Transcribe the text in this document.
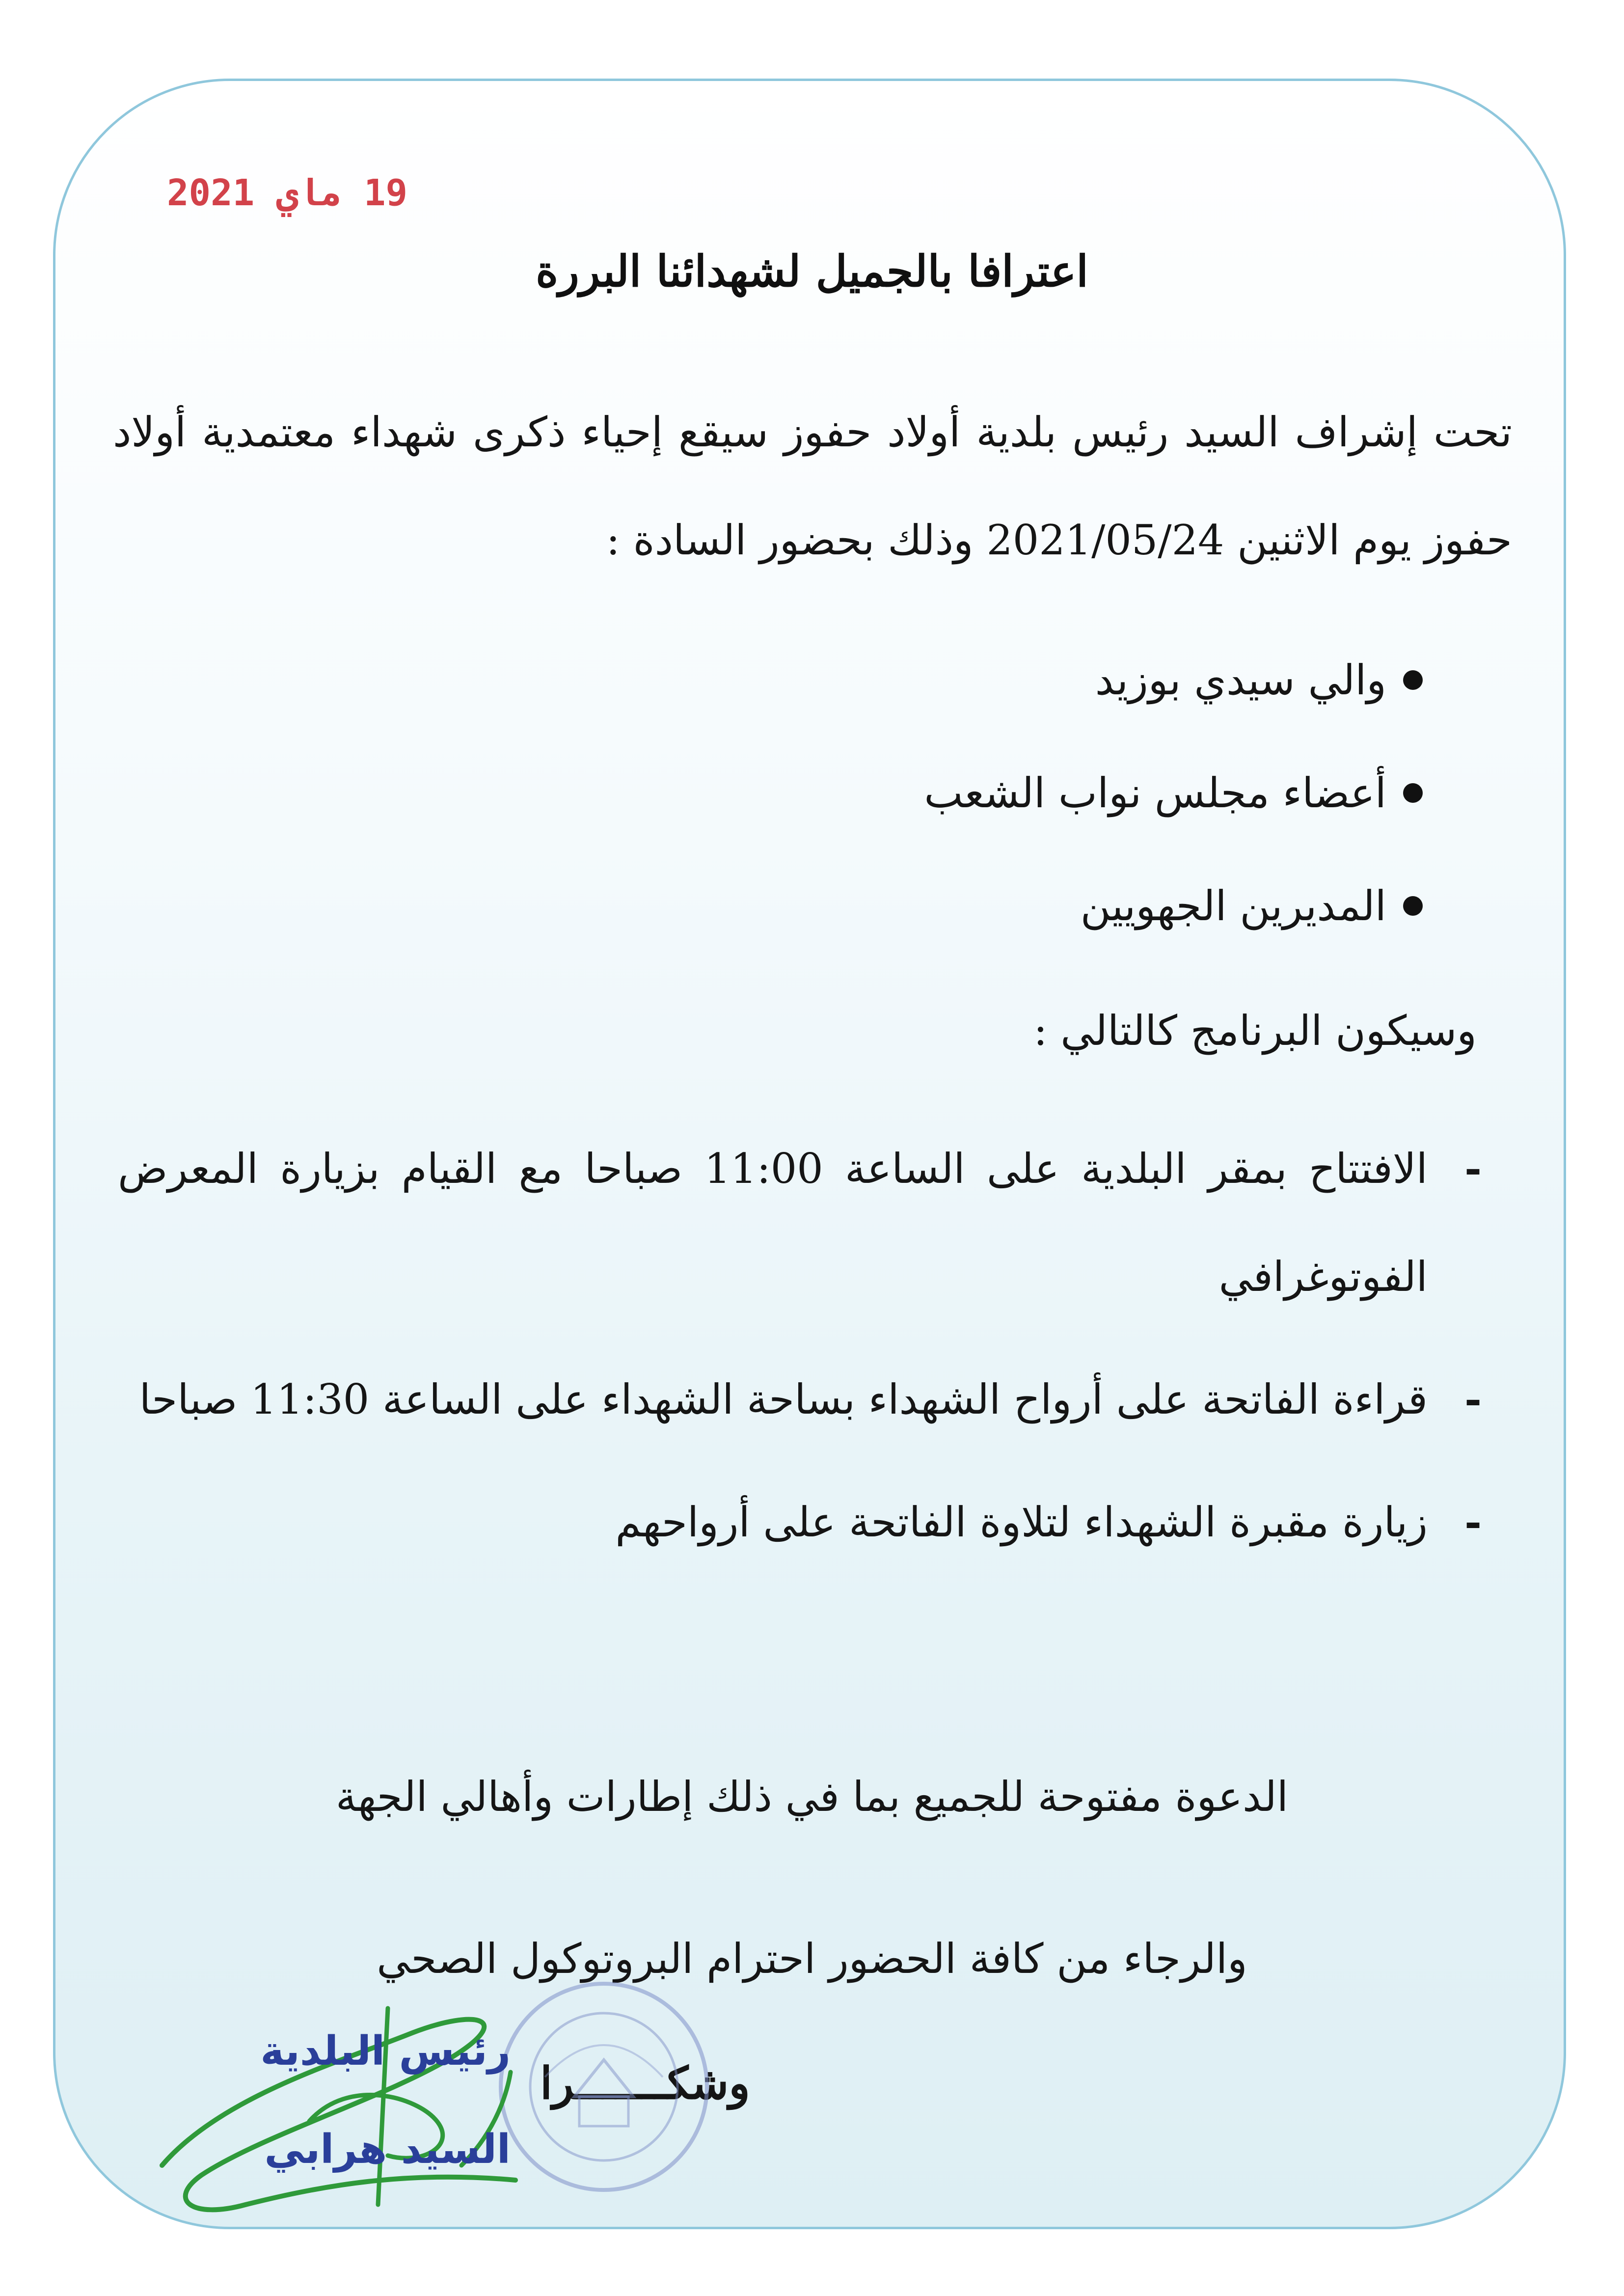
19 ماي 2021
اعترافا بالجميل لشهدائنا البررة
تحت إشراف السيد رئيس بلدية أولاد حفوز سيقع إحياء ذكرى شهداء معتمدية أولاد حفوز يوم الاثنين 2021/05/24 وذلك بحضور السادة :
والي سيدي بوزيد
أعضاء مجلس نواب الشعب
المديرين الجهويين
وسيكون البرنامج كالتالي :
-
الافتتاح بمقر البلدية على الساعة 11:00 صباحا مع القيام بزيارة المعرض الفوتوغرافي
-
قراءة الفاتحة على أرواح الشهداء بساحة الشهداء على الساعة 11:30 صباحا
-
زيارة مقبرة الشهداء لتلاوة الفاتحة على أرواحهم
الدعوة مفتوحة للجميع بما في ذلك إطارات وأهالي الجهة
والرجاء من كافة الحضور احترام البروتوكول الصحي
وشكـــــــرا
رئيس البلدية
السيد هرابي
